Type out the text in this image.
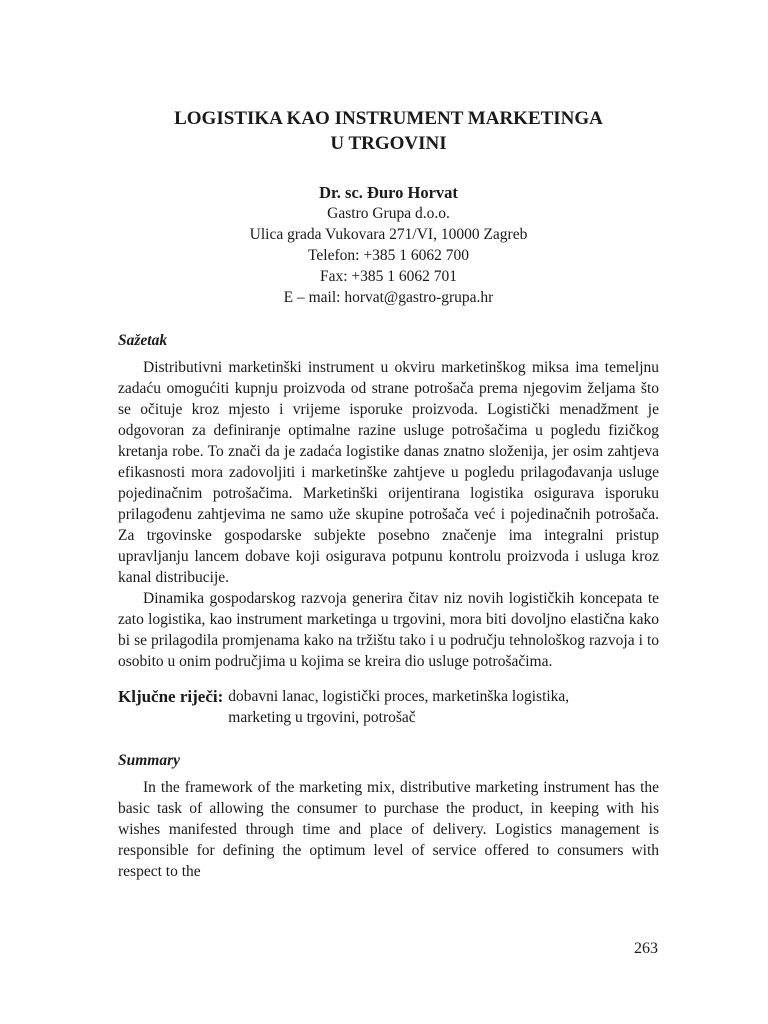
LOGISTIKA KAO INSTRUMENT MARKETINGA
U TRGOVINI
Dr. sc. Đuro Horvat
Gastro Grupa d.o.o.
Ulica grada Vukovara 271/VI, 10000 Zagreb
Telefon: +385 1 6062 700
Fax: +385 1 6062 701
E – mail: horvat@gastro-grupa.hr
Sažetak

Distributivni marketinški instrument u okviru marketinškog miksa ima temeljnu zadaću omogućiti kupnju proizvoda od strane potrošača prema njegovim željama što se očituje kroz mjesto i vrijeme isporuke proizvoda. Logistički menadžment je odgovoran za definiranje optimalne razine usluge potrošačima u pogledu fizičkog kretanja robe. To znači da je zadaća logistike danas znatno složenija, jer osim zahtjeva efikasnosti mora zadovoljiti i marketinške zahtjeve u pogledu prilagođavanja usluge pojedinačnim potrošačima. Marketinški orijentirana logistika osigurava isporuku prilagođenu zahtjevima ne samo uže skupine potrošača već i pojedinačnih potrošača. Za trgovinske gospodarske subjekte posebno značenje ima integralni pristup upravljanju lancem dobave koji osigurava potpunu kontrolu proizvoda i usluga kroz kanal distribucije.

Dinamika gospodarskog razvoja generira čitav niz novih logističkih koncepata te zato logistika, kao instrument marketinga u trgovini, mora biti dovoljno elastična kako bi se prilagodila promjenama kako na tržištu tako i u području tehnološkog razvoja i to osobito u onim područjima u kojima se kreira dio usluge potrošačima.

Ključne riječi: dobavni lanac, logistički proces, marketinška logistika,
marketing u trgovini, potrošač
Summary

In the framework of the marketing mix, distributive marketing instrument has the basic task of allowing the consumer to purchase the product, in keeping with his wishes manifested through time and place of delivery. Logistics management is responsible for defining the optimum level of service offered to consumers with respect to the

263
